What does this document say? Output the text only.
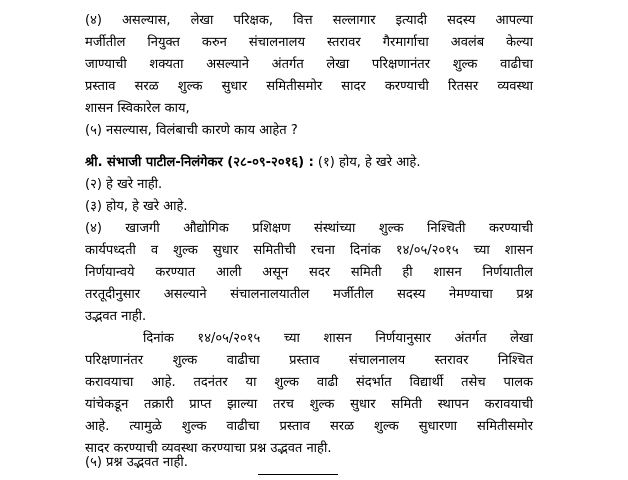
(४) असल्यास, लेखा परिक्षक, वित्त सल्लागार इत्यादी सदस्य आपल्या
मर्जीतील नियुक्त करुन संचालनालय स्तरावर गैरमार्गाचा अवलंब केल्या
जाण्याची शक्यता असल्याने अंतर्गत लेखा परिक्षणानंतर शुल्क वाढीचा
प्रस्ताव सरळ शुल्क सुधार समितीसमोर सादर करण्याची रितसर व्यवस्था
शासन स्विकारेल काय,
(५) नसल्यास, विलंबाची कारणे काय आहेत ?
श्री. संभाजी पाटील-निलंगेकर (२८-०९-२०१६) : (१) होय, हे खरे आहे.
(२) हे खरे नाही.
(३) होय, हे खरे आहे.
(४) खाजगी औद्योगिक प्रशिक्षण संस्थांच्या शुल्क निश्चिती करण्याची
कार्यपध्दती व शुल्क सुधार समितीची रचना दिनांक १४/०५/२०१५ च्या शासन
निर्णयान्वये करण्यात आली असून सदर समिती ही शासन निर्णयातील
तरतूदीनुसार असल्याने संचालनालयातील मर्जीतील सदस्य नेमण्याचा प्रश्न
उद्भवत नाही.
दिनांक १४/०५/२०१५ च्या शासन निर्णयानुसार अंतर्गत लेखा
परिक्षणानंतर शुल्क वाढीचा प्रस्ताव संचालनालय स्तरावर निश्चित
करावयाचा आहे. तदनंतर या शुल्क वाढी संदर्भात विद्यार्थी तसेच पालक
यांचेकडून तक्रारी प्राप्त झाल्या तरच शुल्क सुधार समिती स्थापन करावयाची
आहे. त्यामुळे शुल्क वाढीचा प्रस्ताव सरळ शुल्क सुधारणा समितीसमोर
सादर करण्याची व्यवस्था करण्याचा प्रश्न उद्भवत नाही.
(५) प्रश्न उद्भवत नाही.
